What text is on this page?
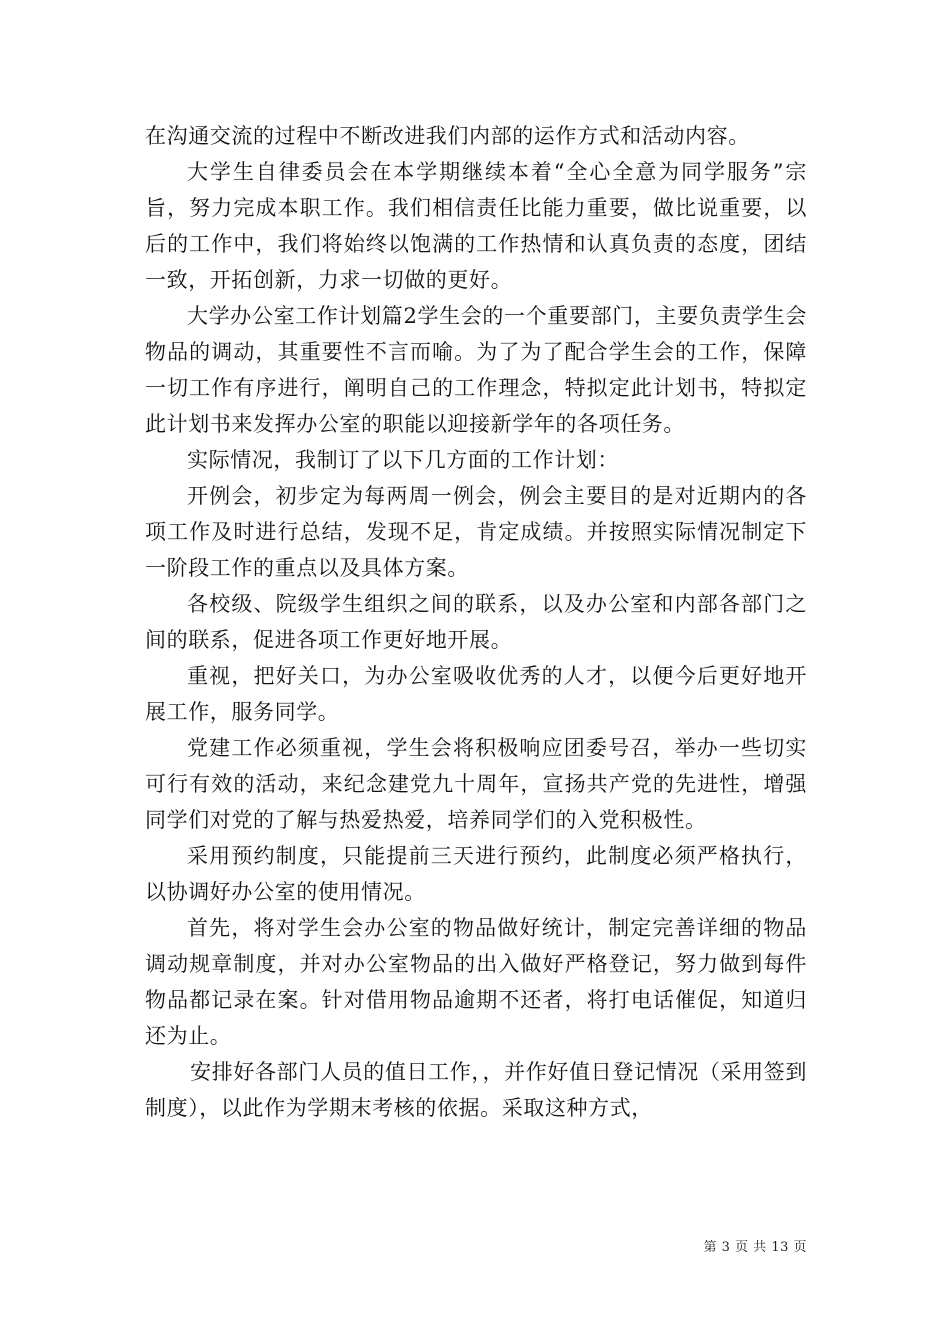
在沟通交流的过程中不断改进我们内部的运作方式和活动内容。

大学生自律委员会在本学期继续本着“全心全意为同学服务”宗旨，努力完成本职工作。我们相信责任比能力重要，做比说重要，以后的工作中，我们将始终以饱满的工作热情和认真负责的态度，团结一致，开拓创新，力求一切做的更好。

大学办公室工作计划篇2学生会的一个重要部门，主要负责学生会物品的调动，其重要性不言而喻。为了为了配合学生会的工作，保障一切工作有序进行，阐明自己的工作理念，特拟定此计划书，特拟定此计划书来发挥办公室的职能以迎接新学年的各项任务。

实际情况，我制订了以下几方面的工作计划：

开例会，初步定为每两周一例会，例会主要目的是对近期内的各项工作及时进行总结，发现不足，肯定成绩。并按照实际情况制定下一阶段工作的重点以及具体方案。

各校级、院级学生组织之间的联系，以及办公室和内部各部门之间的联系，促进各项工作更好地开展。

重视，把好关口，为办公室吸收优秀的人才，以便今后更好地开展工作，服务同学。

党建工作必须重视，学生会将积极响应团委号召，举办一些切实可行有效的活动，来纪念建党九十周年，宣扬共产党的先进性，增强同学们对党的了解与热爱热爱，培养同学们的入党积极性。

采用预约制度，只能提前三天进行预约，此制度必须严格执行，以协调好办公室的使用情况。

首先，将对学生会办公室的物品做好统计，制定完善详细的物品调动规章制度，并对办公室物品的出入做好严格登记，努力做到每件物品都记录在案。针对借用物品逾期不还者，将打电话催促，知道归还为止。

安排好各部门人员的值日工作，，并作好值日登记情况（采用签到制度），以此作为学期末考核的依据。采取这种方式，

第 3 页 共 13 页
